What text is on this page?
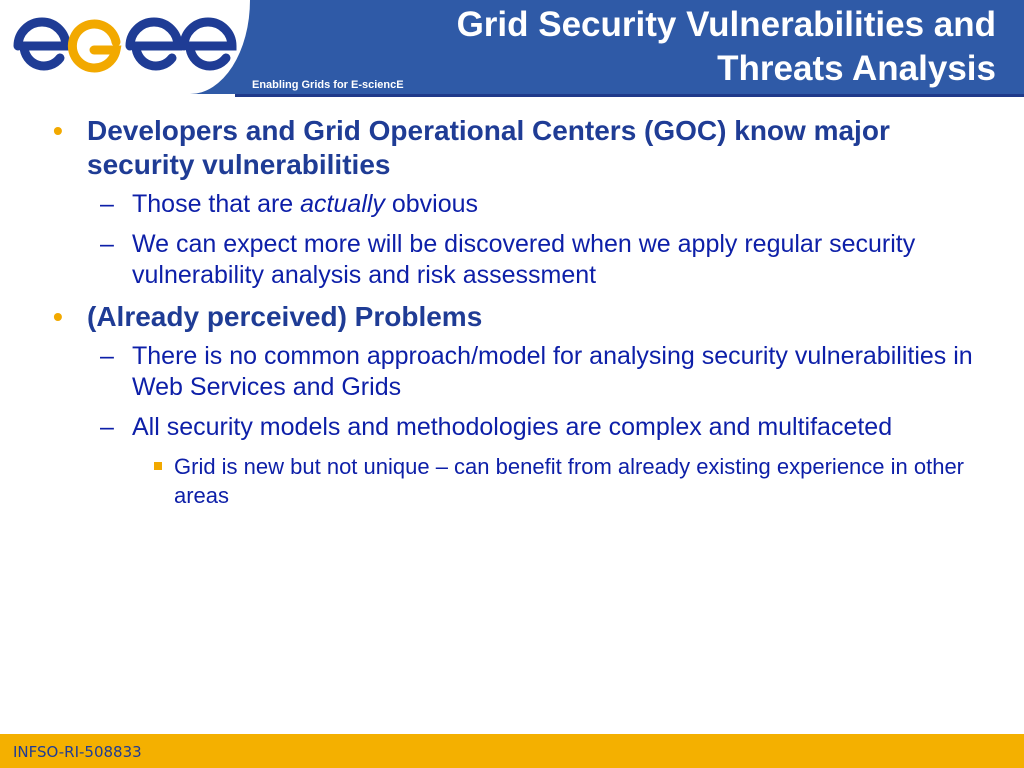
Enabling Grids for E-sciencE
Grid Security Vulnerabilities and
Threats Analysis
• Developers and Grid Operational Centers (GOC) know major security vulnerabilities
– Those that are actually obvious
– We can expect more will be discovered when we apply regular security vulnerability analysis and risk assessment
• (Already perceived) Problems
– There is no common approach/model for analysing security vulnerabilities in Web Services and Grids
– All security models and methodologies are complex and multifaceted
Grid is new but not unique – can benefit from already existing experience in other areas
INFSO-RI-508833
